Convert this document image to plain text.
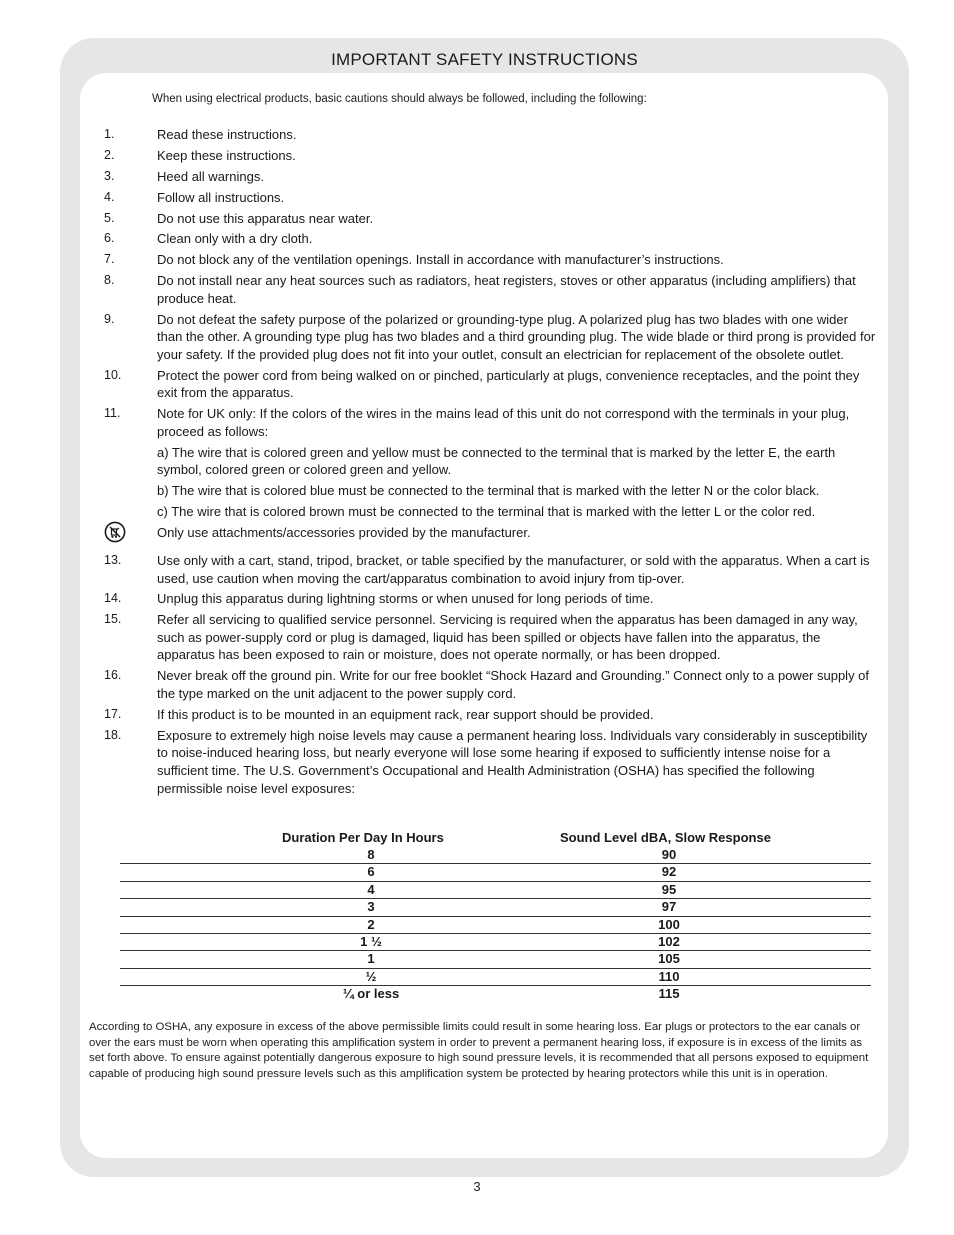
IMPORTANT SAFETY INSTRUCTIONS
When using electrical products, basic cautions should always be followed, including the following:
1.	Read these instructions.
2.	Keep these instructions.
3.	Heed all warnings.
4.	Follow all instructions.
5.	Do not use this apparatus near water.
6.	Clean only with a dry cloth.
7.	Do not block any of the ventilation openings. Install in accordance with manufacturer’s instructions.
8.	Do not install near any heat sources such as radiators, heat registers, stoves or other apparatus (including amplifiers) that produce heat.
9.	Do not defeat the safety purpose of the polarized or grounding-type plug. A polarized plug has two blades with one wider than the other. A grounding type plug has two blades and a third grounding plug. The wide blade or third prong is provided for your safety. If the provided plug does not fit into your outlet, consult an electrician for replacement of the obsolete outlet.
10.	Protect the power cord from being walked on or pinched, particularly at plugs, convenience receptacles, and the point they exit from the apparatus.
11.	Note for UK only: If the colors of the wires in the mains lead of this unit do not correspond with the terminals in your plug, proceed as follows:
a) The wire that is colored green and yellow must be connected to the terminal that is marked by the letter E, the earth symbol, colored green or colored green and yellow.
b) The wire that is colored blue must be connected to the terminal that is marked with the letter N or the color black.
c) The wire that is colored brown must be connected to the terminal that is marked with the letter L or the color red.
Only use attachments/accessories provided by the manufacturer.
13.	Use only with a cart, stand, tripod, bracket, or table specified by the manufacturer, or sold with the apparatus. When a cart is used, use caution when moving the cart/apparatus combination to avoid injury from tip-over.
14.	Unplug this apparatus during lightning storms or when unused for long periods of time.
15.	Refer all servicing to qualified service personnel. Servicing is required when the apparatus has been damaged in any way, such as power-supply cord or plug is damaged, liquid has been spilled or objects have fallen into the apparatus, the apparatus has been exposed to rain or moisture, does not operate normally, or has been dropped.
16.	Never break off the ground pin. Write for our free booklet “Shock Hazard and Grounding.” Connect only to a power supply of the type marked on the unit adjacent to the power supply cord.
17.	If this product is to be mounted in an equipment rack, rear support should be provided.
18.	Exposure to extremely high noise levels may cause a permanent hearing loss. Individuals vary considerably in susceptibility to noise-induced hearing loss, but nearly everyone will lose some hearing if exposed to sufficiently intense noise for a sufficient time. The U.S. Government’s Occupational and Health Administration (OSHA) has specified the following permissible noise level exposures:
Duration Per Day In Hours	Sound Level dBA, Slow Response
8	90
6	92
4	95
3	97
2	100
1 ½	102
1	105
½	110
¼ or less	115
According to OSHA, any exposure in excess of the above permissible limits could result in some hearing loss. Ear plugs or protectors to the ear canals or over the ears must be worn when operating this amplification system in order to prevent a permanent hearing loss, if exposure is in excess of the limits as set forth above. To ensure against potentially dangerous exposure to high sound pressure levels, it is recommended that all persons exposed to equipment capable of producing high sound pressure levels such as this amplification system be protected by hearing protectors while this unit is in operation.
3
